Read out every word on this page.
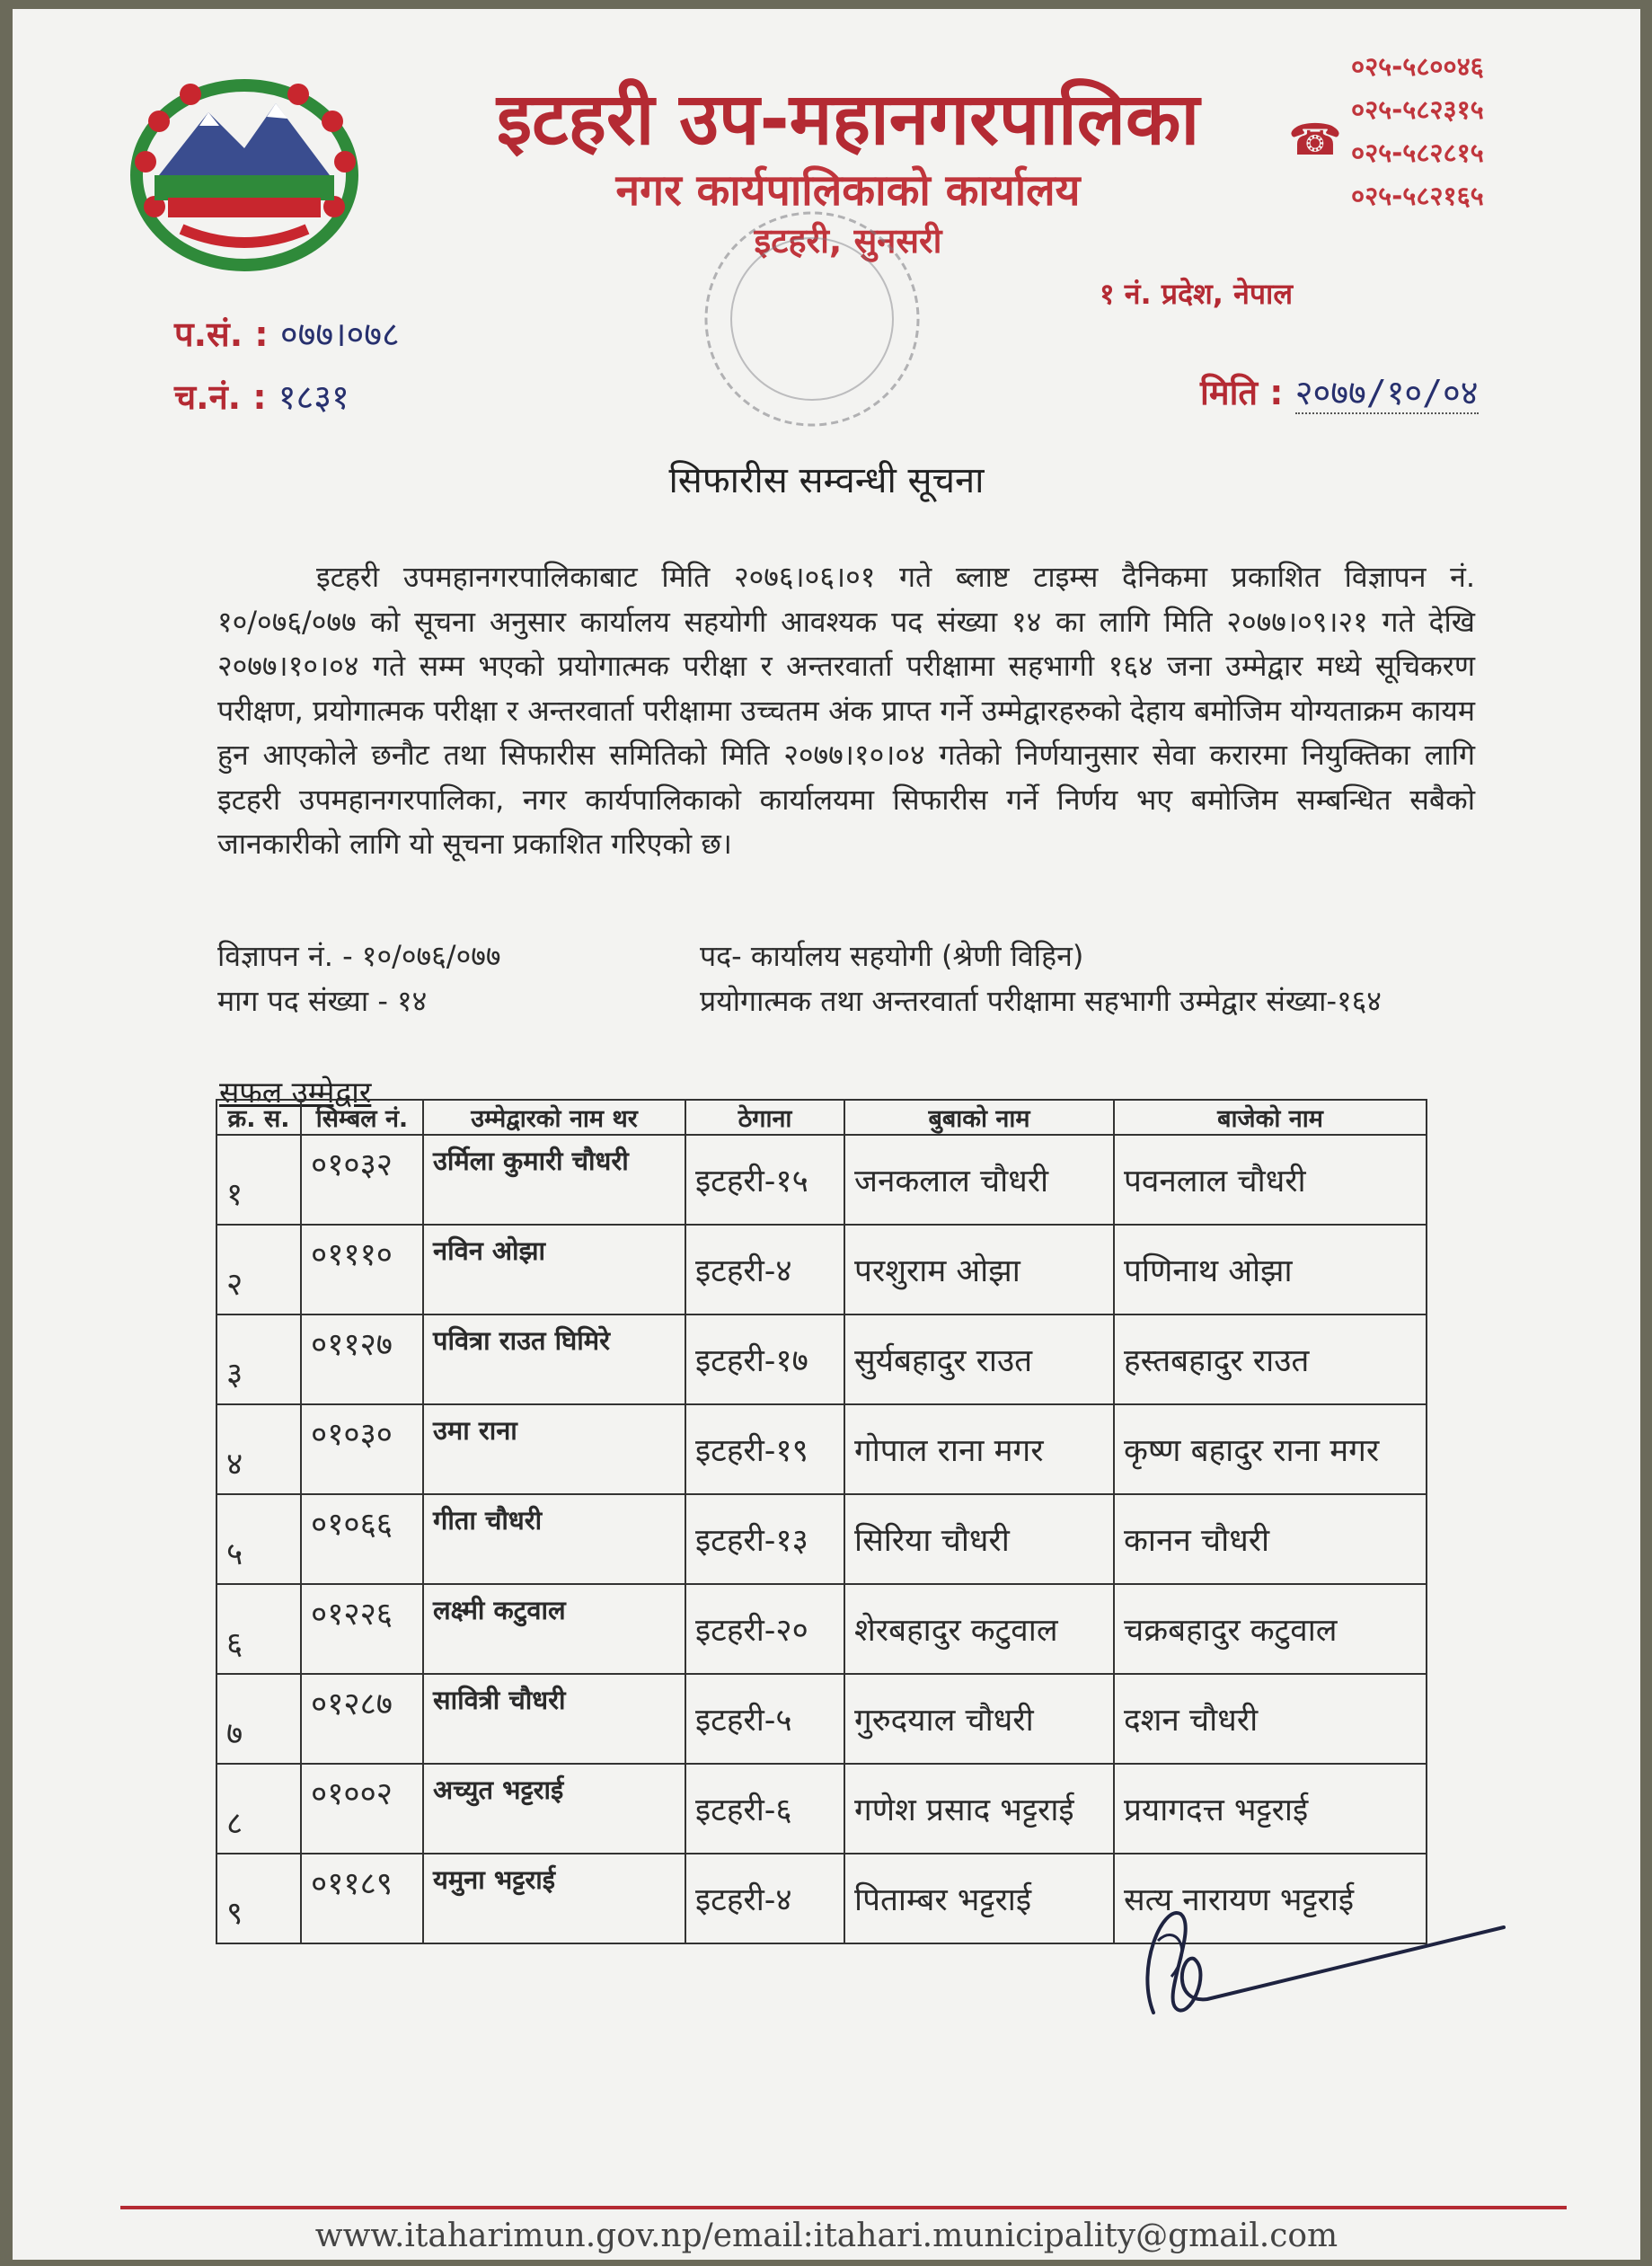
इटहरी उप-महानगरपालिका
नगर कार्यपालिकाको कार्यालय
इटहरी, सुनसरी
☎
०२५-५८००४६
०२५-५८२३१५
०२५-५८२८१५
०२५-५८२१६५
१ नं. प्रदेश, नेपाल
प.सं. : ०७७।०७८
च.नं. : १८३१	मिति : २०७७/१०/०४
सिफारीस सम्वन्धी सूचना
इटहरी उपमहानगरपालिकाबाट मिति २०७६।०६।०१ गते ब्लाष्ट टाइम्स दैनिकमा प्रकाशित विज्ञापन नं. १०/०७६/०७७ को सूचना अनुसार कार्यालय सहयोगी आवश्यक पद संख्या १४ का लागि मिति २०७७।०९।२१ गते देखि २०७७।१०।०४ गते सम्म भएको प्रयोगात्मक परीक्षा र अन्तरवार्ता परीक्षामा सहभागी १६४ जना उम्मेद्वार मध्ये सूचिकरण परीक्षण, प्रयोगात्मक परीक्षा र अन्तरवार्ता परीक्षामा उच्चतम अंक प्राप्त गर्ने उम्मेद्वारहरुको देहाय बमोजिम योग्यताक्रम कायम हुन आएकोले छनौट तथा सिफारीस समितिको मिति २०७७।१०।०४ गतेको निर्णयानुसार सेवा करारमा नियुक्तिका लागि इटहरी उपमहानगरपालिका, नगर कार्यपालिकाको कार्यालयमा सिफारीस गर्ने निर्णय भए बमोजिम सम्बन्धित सबैको जानकारीको लागि यो सूचना प्रकाशित गरिएको छ।
विज्ञापन नं. - १०/०७६/०७७	पद- कार्यालय सहयोगी (श्रेणी विहिन)
माग पद संख्या - १४	प्रयोगात्मक तथा अन्तरवार्ता परीक्षामा सहभागी उम्मेद्वार संख्या-१६४
सफल उम्मेद्वार
क्र. स.	सिम्बल नं.	उम्मेद्वारको नाम थर	ठेगाना	बुबाको नाम	बाजेको नाम
१	०१०३२	उर्मिला कुमारी चौधरी	इटहरी-१५	जनकलाल चौधरी	पवनलाल चौधरी
२	०१११०	नविन ओझा	इटहरी-४	परशुराम ओझा	पणिनाथ ओझा
३	०११२७	पवित्रा राउत घिमिरे	इटहरी-१७	सुर्यबहादुर राउत	हस्तबहादुर राउत
४	०१०३०	उमा राना	इटहरी-१९	गोपाल राना मगर	कृष्ण बहादुर राना मगर
५	०१०६६	गीता चौधरी	इटहरी-१३	सिरिया चौधरी	कानन चौधरी
६	०१२२६	लक्ष्मी कटुवाल	इटहरी-२०	शेरबहादुर कटुवाल	चक्रबहादुर कटुवाल
७	०१२८७	सावित्री चौधरी	इटहरी-५	गुरुदयाल चौधरी	दशन चौधरी
८	०१००२	अच्युत भट्टराई	इटहरी-६	गणेश प्रसाद भट्टराई	प्रयागदत्त भट्टराई
९	०११८९	यमुना भट्टराई	इटहरी-४	पिताम्बर भट्टराई	सत्य नारायण भट्टराई
www.itaharimun.gov.np/email:itahari.municipality@gmail.com
